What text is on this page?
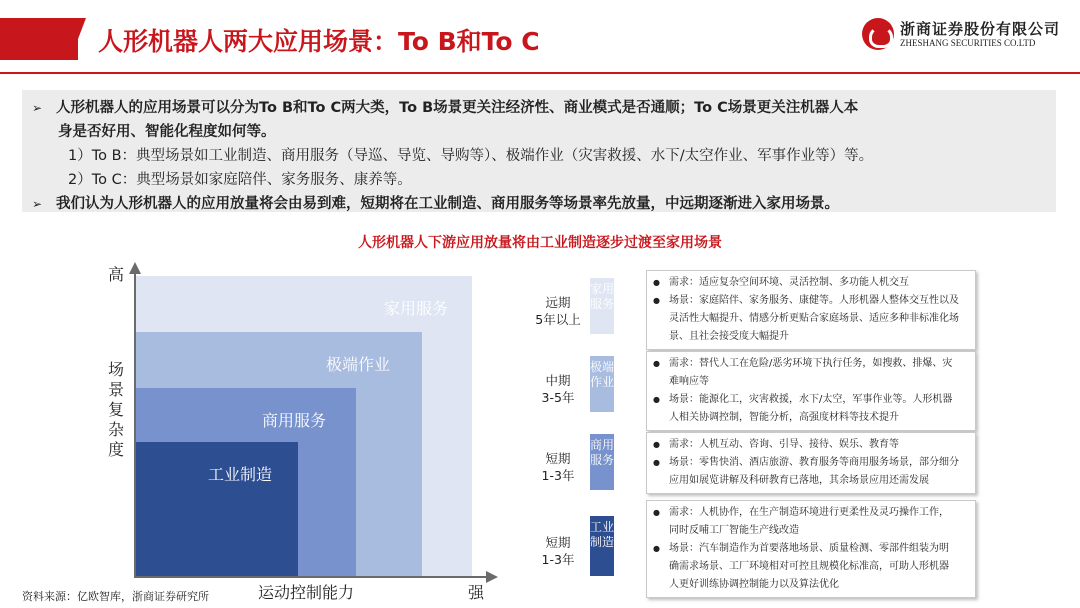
人形机器人两大应用场景：To B和To C	浙商证券股份有限公司
ZHESHANG SECURITIES CO.LTD
➢ 人形机器人的应用场景可以分为To B和To C两大类，To B场景更关注经济性、商业模式是否通顺；To C场景更关注机器人本
身是否好用、智能化程度如何等。
1）To B：典型场景如工业制造、商用服务（导巡、导览、导购等）、极端作业（灾害救援、水下/太空作业、军事作业等）等。
2）To C：典型场景如家庭陪伴、家务服务、康养等。
➢ 我们认为人形机器人的应用放量将会由易到难，短期将在工业制造、商用服务等场景率先放量，中远期逐渐进入家用场景。
人形机器人下游应用放量将由工业制造逐步过渡至家用场景
家用服务
极端作业
商用服务
工业制造
高
场景复杂度
运动控制能力	强
远期
5年以上
家用服务
● 需求：适应复杂空间环境、灵活控制、多功能人机交互
● 场景：家庭陪伴、家务服务、康健等。人形机器人整体交互性以及
灵活性大幅提升、情感分析更贴合家庭场景、适应多种非标准化场
景、且社会接受度大幅提升
中期
3-5年
极端作业
● 需求：替代人工在危险/恶劣环境下执行任务，如搜救、排爆、灾
难响应等
● 场景：能源化工，灾害救援，水下/太空，军事作业等。人形机器
人相关协调控制，智能分析，高强度材料等技术提升
短期
1-3年
商用服务
● 需求：人机互动、咨询、引导、接待、娱乐、教育等
● 场景：零售快消、酒店旅游、教育服务等商用服务场景，部分细分
应用如展览讲解及科研教育已落地，其余场景应用还需发展
短期
1-3年
工业制造
● 需求：人机协作，在生产制造环境进行更柔性及灵巧操作工作，
同时反哺工厂智能生产线改造
● 场景：汽车制造作为首要落地场景、质量检测、零部件组装为明
确需求场景、工厂环境相对可控且规模化标准高，可助人形机器
人更好训练协调控制能力以及算法优化
资料来源：亿欧智库，浙商证券研究所
